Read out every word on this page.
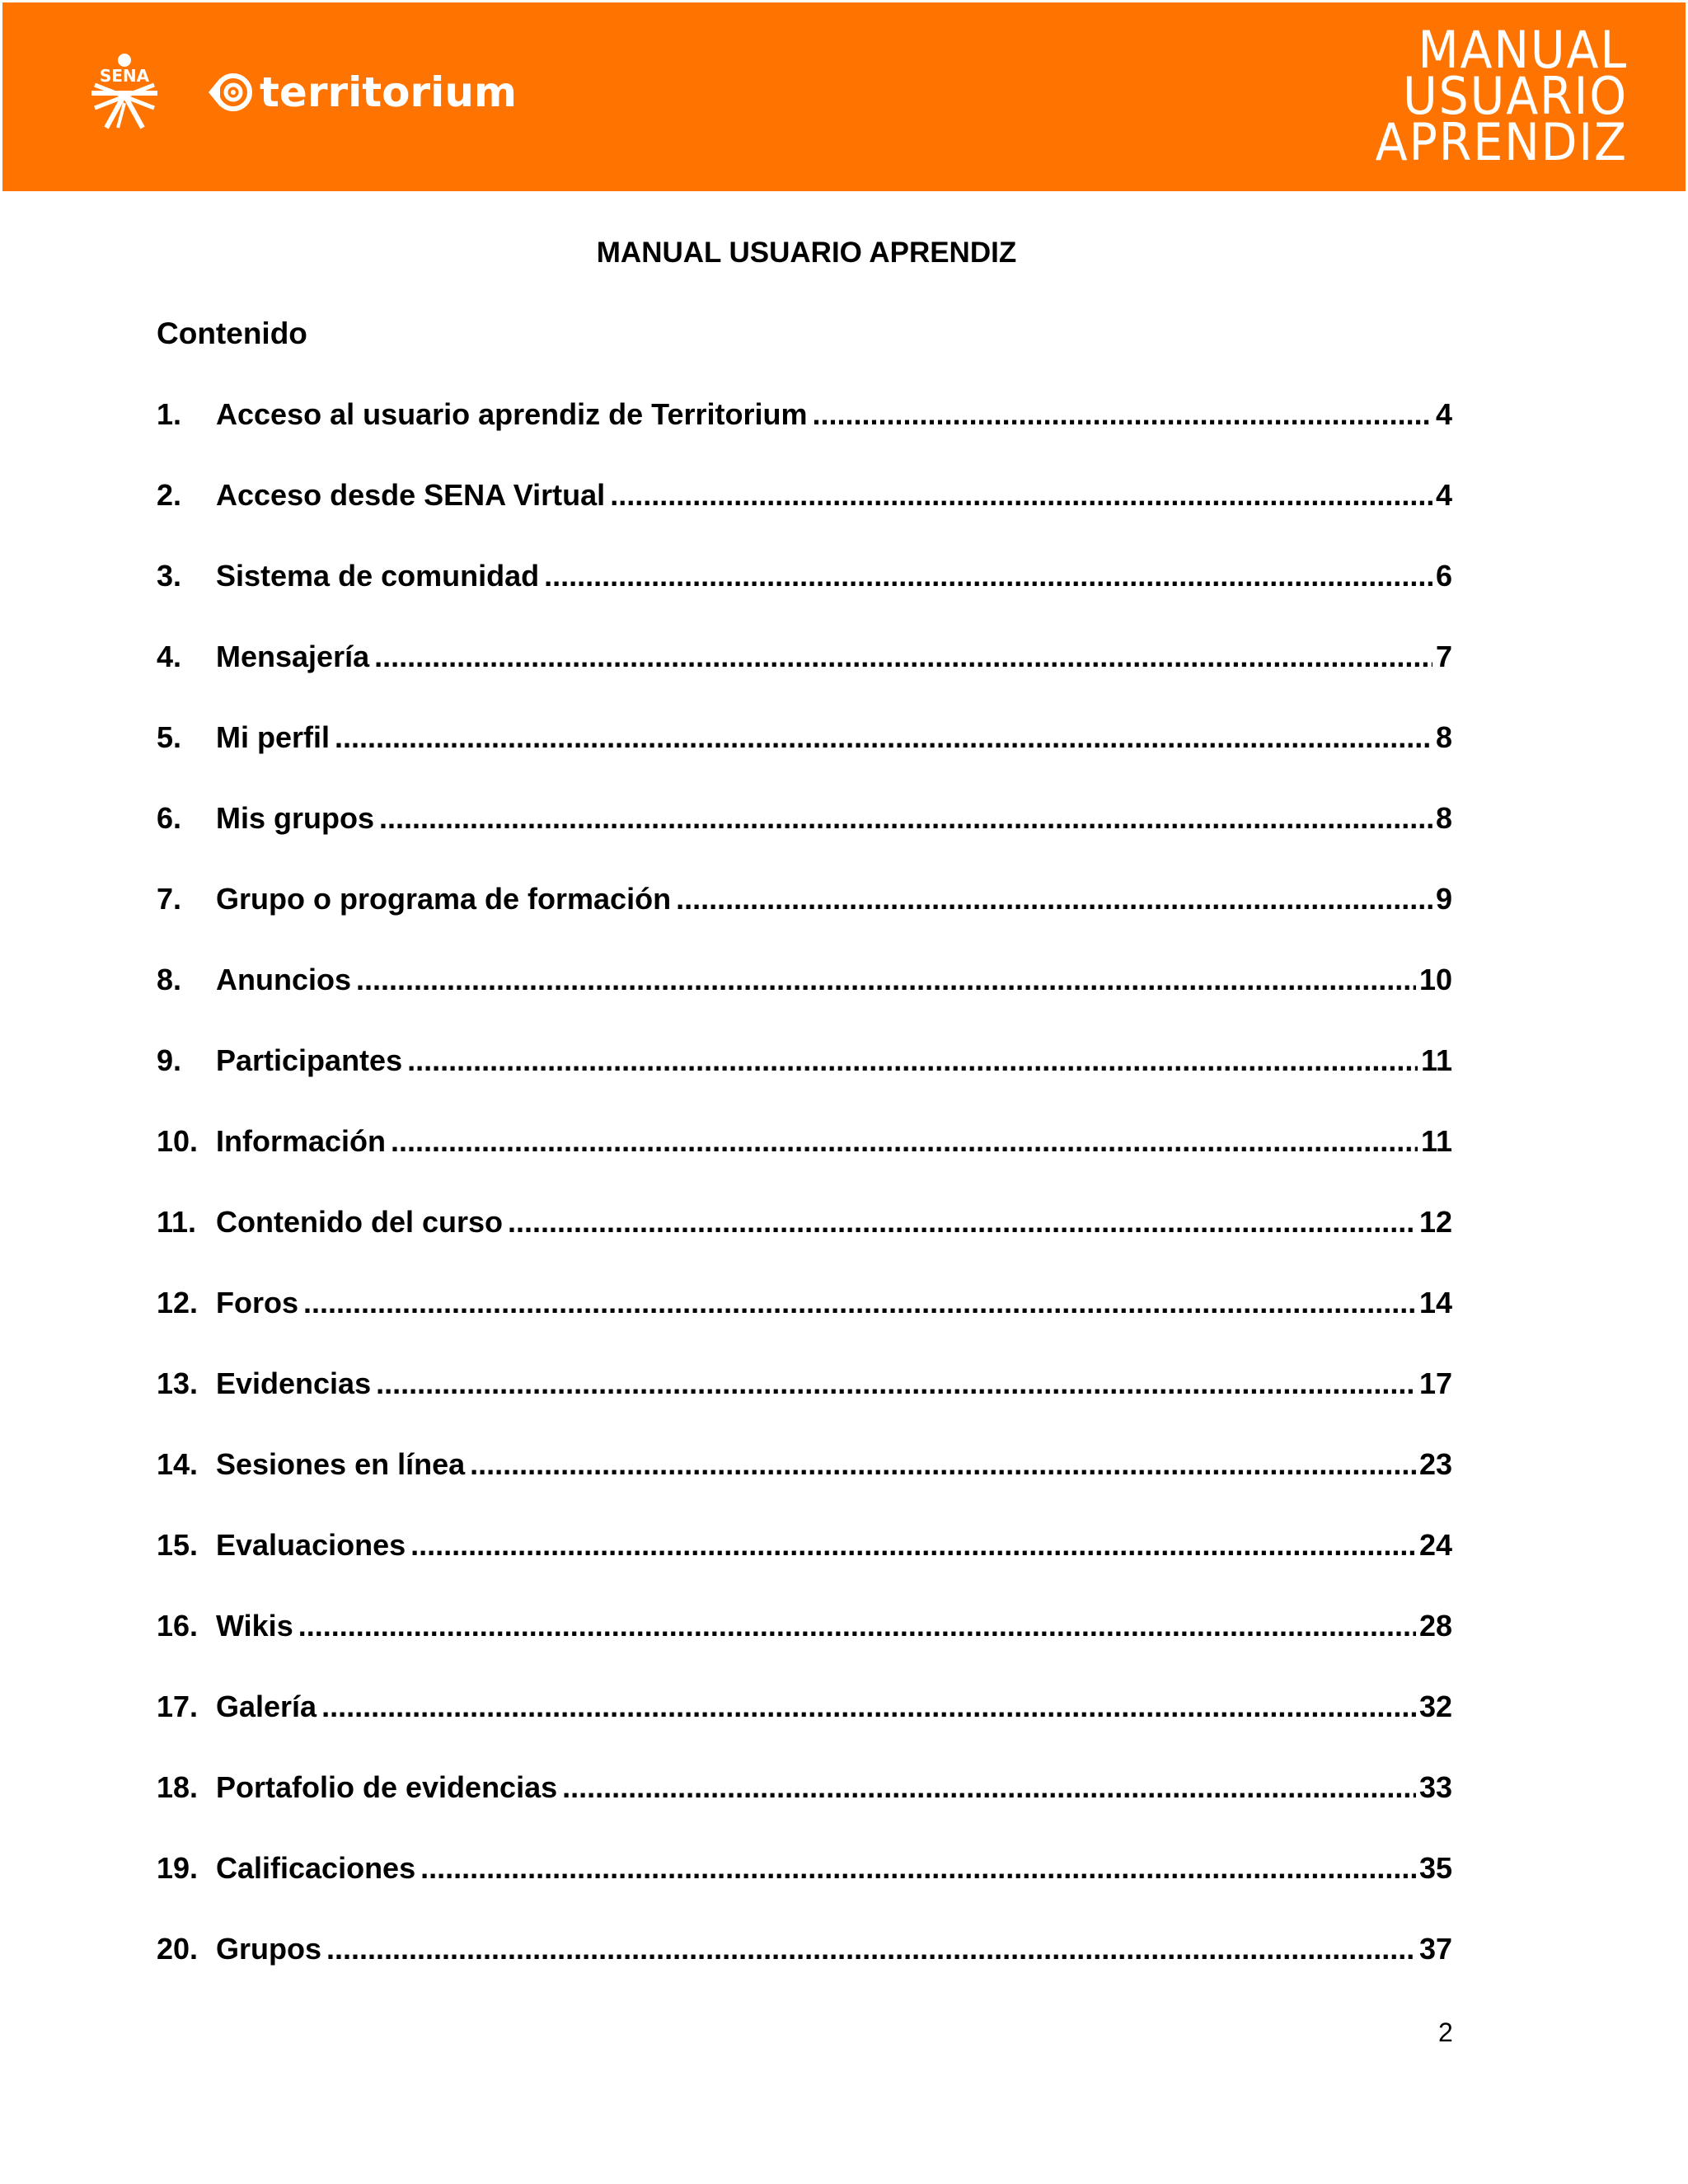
SENA	territorium
MANUAL
USUARIO
APRENDIZ
MANUAL USUARIO APRENDIZ
Contenido
1.	Acceso al usuario aprendiz de Territorium .....	4
2.	Acceso desde SENA Virtual .....	4
3.	Sistema de comunidad .....	6
4.	Mensajería .....	7
5.	Mi perfil .....	8
6.	Mis grupos .....	8
7.	Grupo o programa de formación .....	9
8.	Anuncios .....	10
9.	Participantes .....	11
10. Información .....	11
11. Contenido del curso .....	12
12. Foros .....	14
13. Evidencias .....	17
14. Sesiones en línea .....	23
15. Evaluaciones .....	24
16. Wikis .....	28
17. Galería .....	32
18. Portafolio de evidencias .....	33
19. Calificaciones .....	35
20. Grupos .....	37
2
